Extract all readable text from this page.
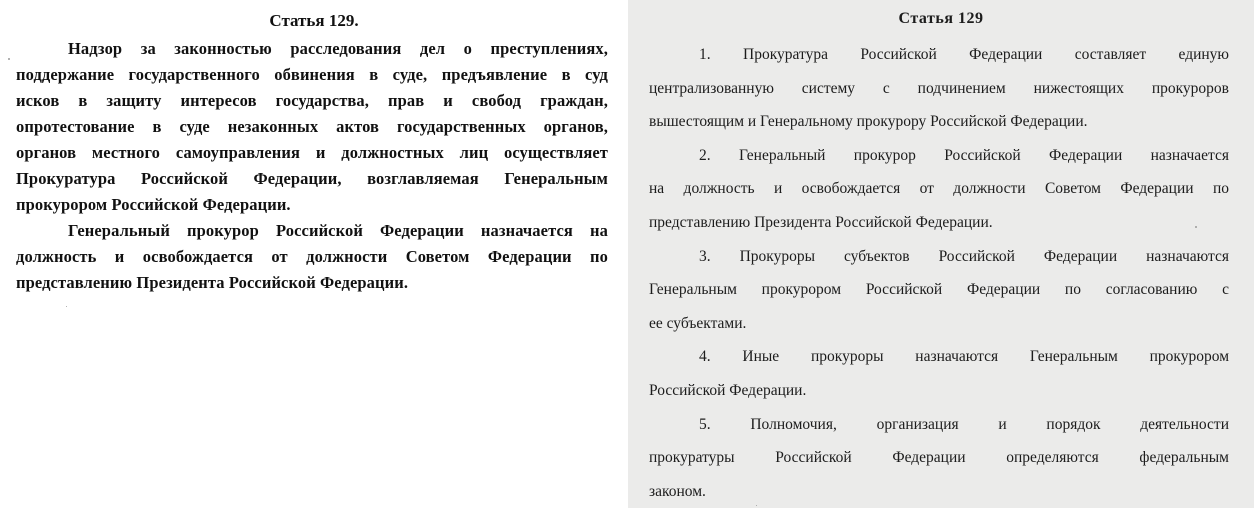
Статья 129.
Надзор за законностью расследования дел о преступлениях,
поддержание государственного обвинения в суде, предъявление в суд
исков в защиту интересов государства, прав и свобод граждан,
опротестование в суде незаконных актов государственных органов,
органов местного самоуправления и должностных лиц осуществляет
Прокуратура Российской Федерации, возглавляемая Генеральным
прокурором Российской Федерации.
Генеральный прокурор Российской Федерации назначается на
должность и освобождается от должности Советом Федерации по
представлению Президента Российской Федерации.
Статья 129
1. Прокуратура Российской Федерации составляет единую
централизованную систему с подчинением нижестоящих прокуроров
вышестоящим и Генеральному прокурору Российской Федерации.
2. Генеральный прокурор Российской Федерации назначается
на должность и освобождается от должности Советом Федерации по
представлению Президента Российской Федерации.
3. Прокуроры субъектов Российской Федерации назначаются
Генеральным прокурором Российской Федерации по согласованию с
ее субъектами.
4. Иные прокуроры назначаются Генеральным прокурором
Российской Федерации.
5. Полномочия, организация и порядок деятельности
прокуратуры Российской Федерации определяются федеральным
законом.
